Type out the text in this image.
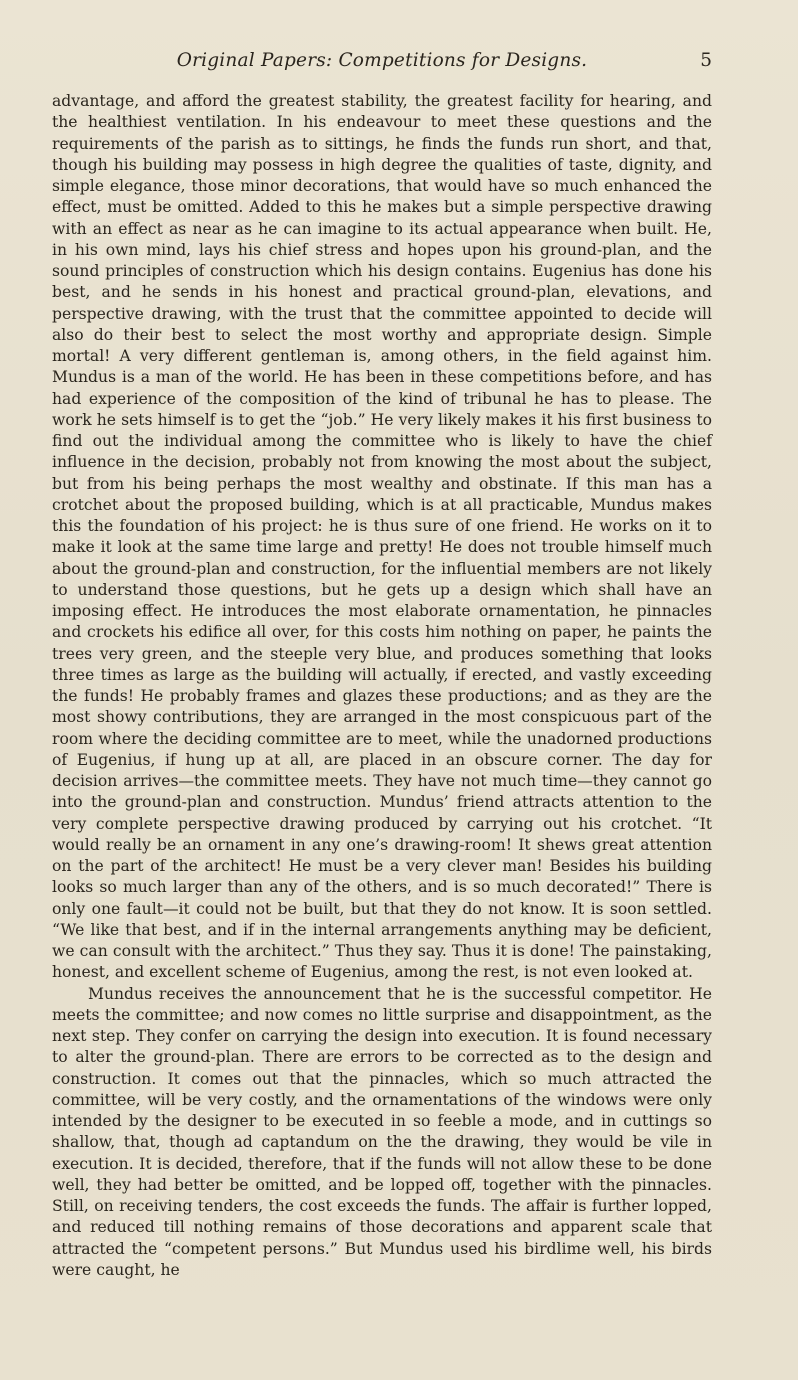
Original Papers: Competitions for Designs.	5

advantage, and afford the greatest stability, the greatest facility for hearing, and the healthiest ventilation. In his endeavour to meet these questions and the requirements of the parish as to sittings, he finds the funds run short, and that, though his building may possess in high degree the qualities of taste, dignity, and simple elegance, those minor decorations, that would have so much enhanced the effect, must be omitted. Added to this he makes but a simple perspective drawing with an effect as near as he can imagine to its actual appearance when built. He, in his own mind, lays his chief stress and hopes upon his ground-plan, and the sound principles of construction which his design contains. Eugenius has done his best, and he sends in his honest and practical ground-plan, elevations, and perspective drawing, with the trust that the committee appointed to decide will also do their best to select the most worthy and appropriate design. Simple mortal! A very different gentleman is, among others, in the field against him. Mundus is a man of the world. He has been in these competitions before, and has had experience of the composition of the kind of tribunal he has to please. The work he sets himself is to get the “job.” He very likely makes it his first business to find out the individual among the committee who is likely to have the chief influence in the decision, probably not from knowing the most about the subject, but from his being perhaps the most wealthy and obstinate. If this man has a crotchet about the proposed building, which is at all practicable, Mundus makes this the foundation of his project: he is thus sure of one friend. He works on it to make it look at the same time large and pretty! He does not trouble himself much about the ground-plan and construction, for the influential members are not likely to understand those questions, but he gets up a design which shall have an imposing effect. He introduces the most elaborate ornamentation, he pinnacles and crockets his edifice all over, for this costs him nothing on paper, he paints the trees very green, and the steeple very blue, and produces something that looks three times as large as the building will actually, if erected, and vastly exceeding the funds! He probably frames and glazes these productions; and as they are the most showy contributions, they are arranged in the most conspicuous part of the room where the deciding committee are to meet, while the unadorned productions of Eugenius, if hung up at all, are placed in an obscure corner. The day for decision arrives—the committee meets. They have not much time—they cannot go into the ground-plan and construction. Mundus’ friend attracts attention to the very complete perspective drawing produced by carrying out his crotchet. “It would really be an ornament in any one’s drawing-room! It shews great attention on the part of the architect! He must be a very clever man! Besides his building looks so much larger than any of the others, and is so much decorated!” There is only one fault—it could not be built, but that they do not know. It is soon settled. “We like that best, and if in the internal arrangements anything may be deficient, we can consult with the architect.” Thus they say. Thus it is done! The painstaking, honest, and excellent scheme of Eugenius, among the rest, is not even looked at.

Mundus receives the announcement that he is the successful competitor. He meets the committee; and now comes no little surprise and disappointment, as the next step. They confer on carrying the design into execution. It is found necessary to alter the ground-plan. There are errors to be corrected as to the design and construction. It comes out that the pinnacles, which so much attracted the committee, will be very costly, and the ornamentations of the windows were only intended by the designer to be executed in so feeble a mode, and in cuttings so shallow, that, though ad captandum on the the drawing, they would be vile in execution. It is decided, therefore, that if the funds will not allow these to be done well, they had better be omitted, and be lopped off, together with the pinnacles. Still, on receiving tenders, the cost exceeds the funds. The affair is further lopped, and reduced till nothing remains of those decorations and apparent scale that attracted the “competent persons.” But Mundus used his birdlime well, his birds were caught, he
